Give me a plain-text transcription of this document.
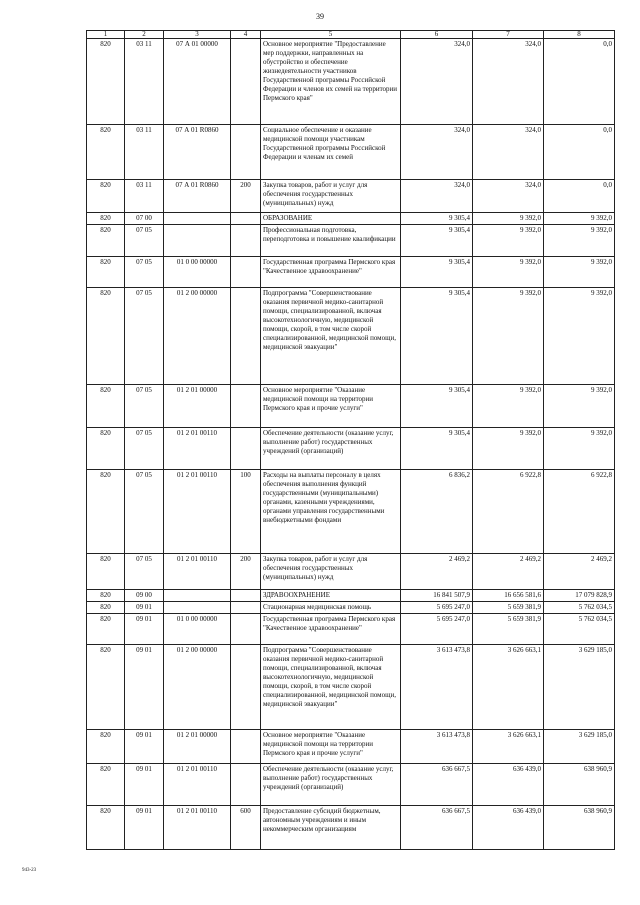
39
1	2	3	4	5	6	7	8
820	03 11	07 А 01 00000		Основное мероприятие "Предоставление мер поддержки, направленных на обустройство и обеспечение жизнедеятельности участников Государственной программы Российской Федерации и членов их семей на территории Пермского края"	324,0	324,0	0,0
820	03 11	07 А 01 R0860		Социальное обеспечение и оказание медицинской помощи участникам Государственной программы Российской Федерации и членам их семей	324,0	324,0	0,0
820	03 11	07 А 01 R0860	200	Закупка товаров, работ и услуг для обеспечения государственных (муниципальных) нужд	324,0	324,0	0,0
820	07 00			ОБРАЗОВАНИЕ	9 305,4	9 392,0	9 392,0
820	07 05			Профессиональная подготовка, переподготовка и повышение квалификации	9 305,4	9 392,0	9 392,0
820	07 05	01 0 00 00000		Государственная программа Пермского края "Качественное здравоохранение"	9 305,4	9 392,0	9 392,0
820	07 05	01 2 00 00000		Подпрограмма "Совершенствование оказания первичной медико-санитарной помощи, специализированной, включая высокотехнологичную, медицинской помощи, скорой, в том числе скорой специализированной, медицинской помощи, медицинской эвакуации"	9 305,4	9 392,0	9 392,0
820	07 05	01 2 01 00000		Основное мероприятие "Оказание медицинской помощи на территории Пермского края и прочие услуги"	9 305,4	9 392,0	9 392,0
820	07 05	01 2 01 00110		Обеспечение деятельности (оказание услуг, выполнение работ) государственных учреждений (организаций)	9 305,4	9 392,0	9 392,0
820	07 05	01 2 01 00110	100	Расходы на выплаты персоналу в целях обеспечения выполнения функций государственными (муниципальными) органами, казенными учреждениями, органами управления государственными внебюджетными фондами	6 836,2	6 922,8	6 922,8
820	07 05	01 2 01 00110	200	Закупка товаров, работ и услуг для обеспечения государственных (муниципальных) нужд	2 469,2	2 469,2	2 469,2
820	09 00			ЗДРАВООХРАНЕНИЕ	16 841 507,9	16 656 581,6	17 079 828,9
820	09 01			Стационарная медицинская помощь	5 695 247,0	5 659 381,9	5 762 034,5
820	09 01	01 0 00 00000		Государственная программа Пермского края "Качественное здравоохранение"	5 695 247,0	5 659 381,9	5 762 034,5
820	09 01	01 2 00 00000		Подпрограмма "Совершенствование оказания первичной медико-санитарной помощи, специализированной, включая высокотехнологичную, медицинской помощи, скорой, в том числе скорой специализированной, медицинской помощи, медицинской эвакуации"	3 613 473,8	3 626 663,1	3 629 185,0
820	09 01	01 2 01 00000		Основное мероприятие "Оказание медицинской помощи на территории Пермского края и прочие услуги"	3 613 473,8	3 626 663,1	3 629 185,0
820	09 01	01 2 01 00110		Обеспечение деятельности (оказание услуг, выполнение работ) государственных учреждений (организаций)	636 667,5	636 439,0	638 960,9
820	09 01	01 2 01 00110	600	Предоставление субсидий бюджетным, автономным учреждениям и иным некоммерческим организациям	636 667,5	636 439,0	638 960,9
943-23
